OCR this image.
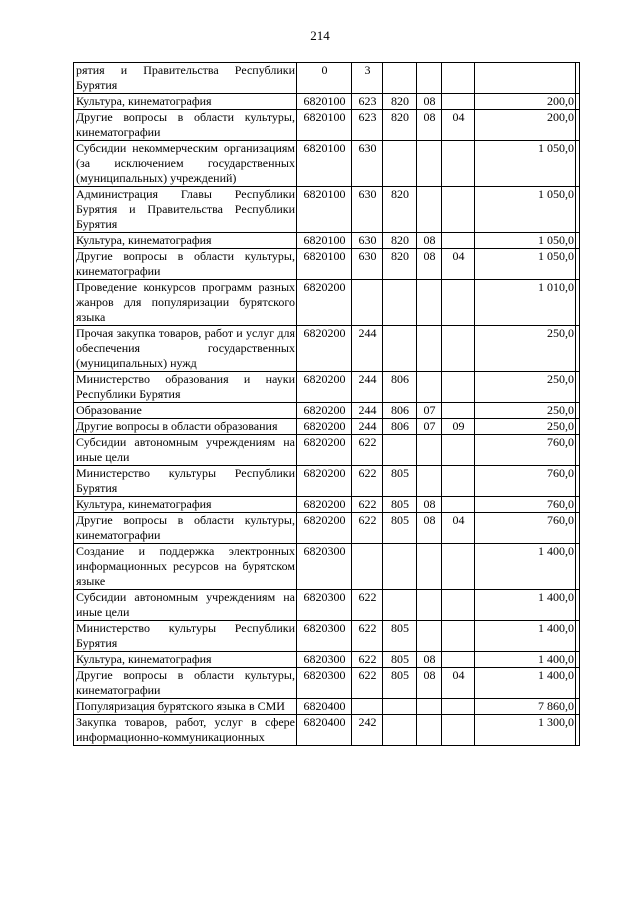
214
рятия и Правительства Республики Бурятия	0	3					
Культура, кинематография	6820100	623	820	08		200,0	
Другие вопросы в области культуры, кинематографии	6820100	623	820	08	04	200,0	
Субсидии некоммерческим организациям (за исключением государственных (муниципальных) учреждений)	6820100	630				1 050,0	
Администрация Главы Республики Бурятия и Правительства Республики Бурятия	6820100	630	820			1 050,0	
Культура, кинематография	6820100	630	820	08		1 050,0	
Другие вопросы в области культуры, кинематографии	6820100	630	820	08	04	1 050,0	
Проведение конкурсов программ разных жанров для популяризации бурятского языка	6820200					1 010,0	
Прочая закупка товаров, работ и услуг для обеспечения государственных (муниципальных) нужд	6820200	244				250,0	
Министерство образования и науки Республики Бурятия	6820200	244	806			250,0	
Образование	6820200	244	806	07		250,0	
Другие вопросы в области образования	6820200	244	806	07	09	250,0	
Субсидии автономным учреждениям на иные цели	6820200	622				760,0	
Министерство культуры Республики Бурятия	6820200	622	805			760,0	
Культура, кинематография	6820200	622	805	08		760,0	
Другие вопросы в области культуры, кинематографии	6820200	622	805	08	04	760,0	
Создание и поддержка электронных информационных ресурсов на бурятском языке	6820300					1 400,0	
Субсидии автономным учреждениям на иные цели	6820300	622				1 400,0	
Министерство культуры Республики Бурятия	6820300	622	805			1 400,0	
Культура, кинематография	6820300	622	805	08		1 400,0	
Другие вопросы в области культуры, кинематографии	6820300	622	805	08	04	1 400,0	
Популяризация бурятского языка в СМИ	6820400					7 860,0	
Закупка товаров, работ, услуг в сфере информационно-коммуникационных	6820400	242				1 300,0	
